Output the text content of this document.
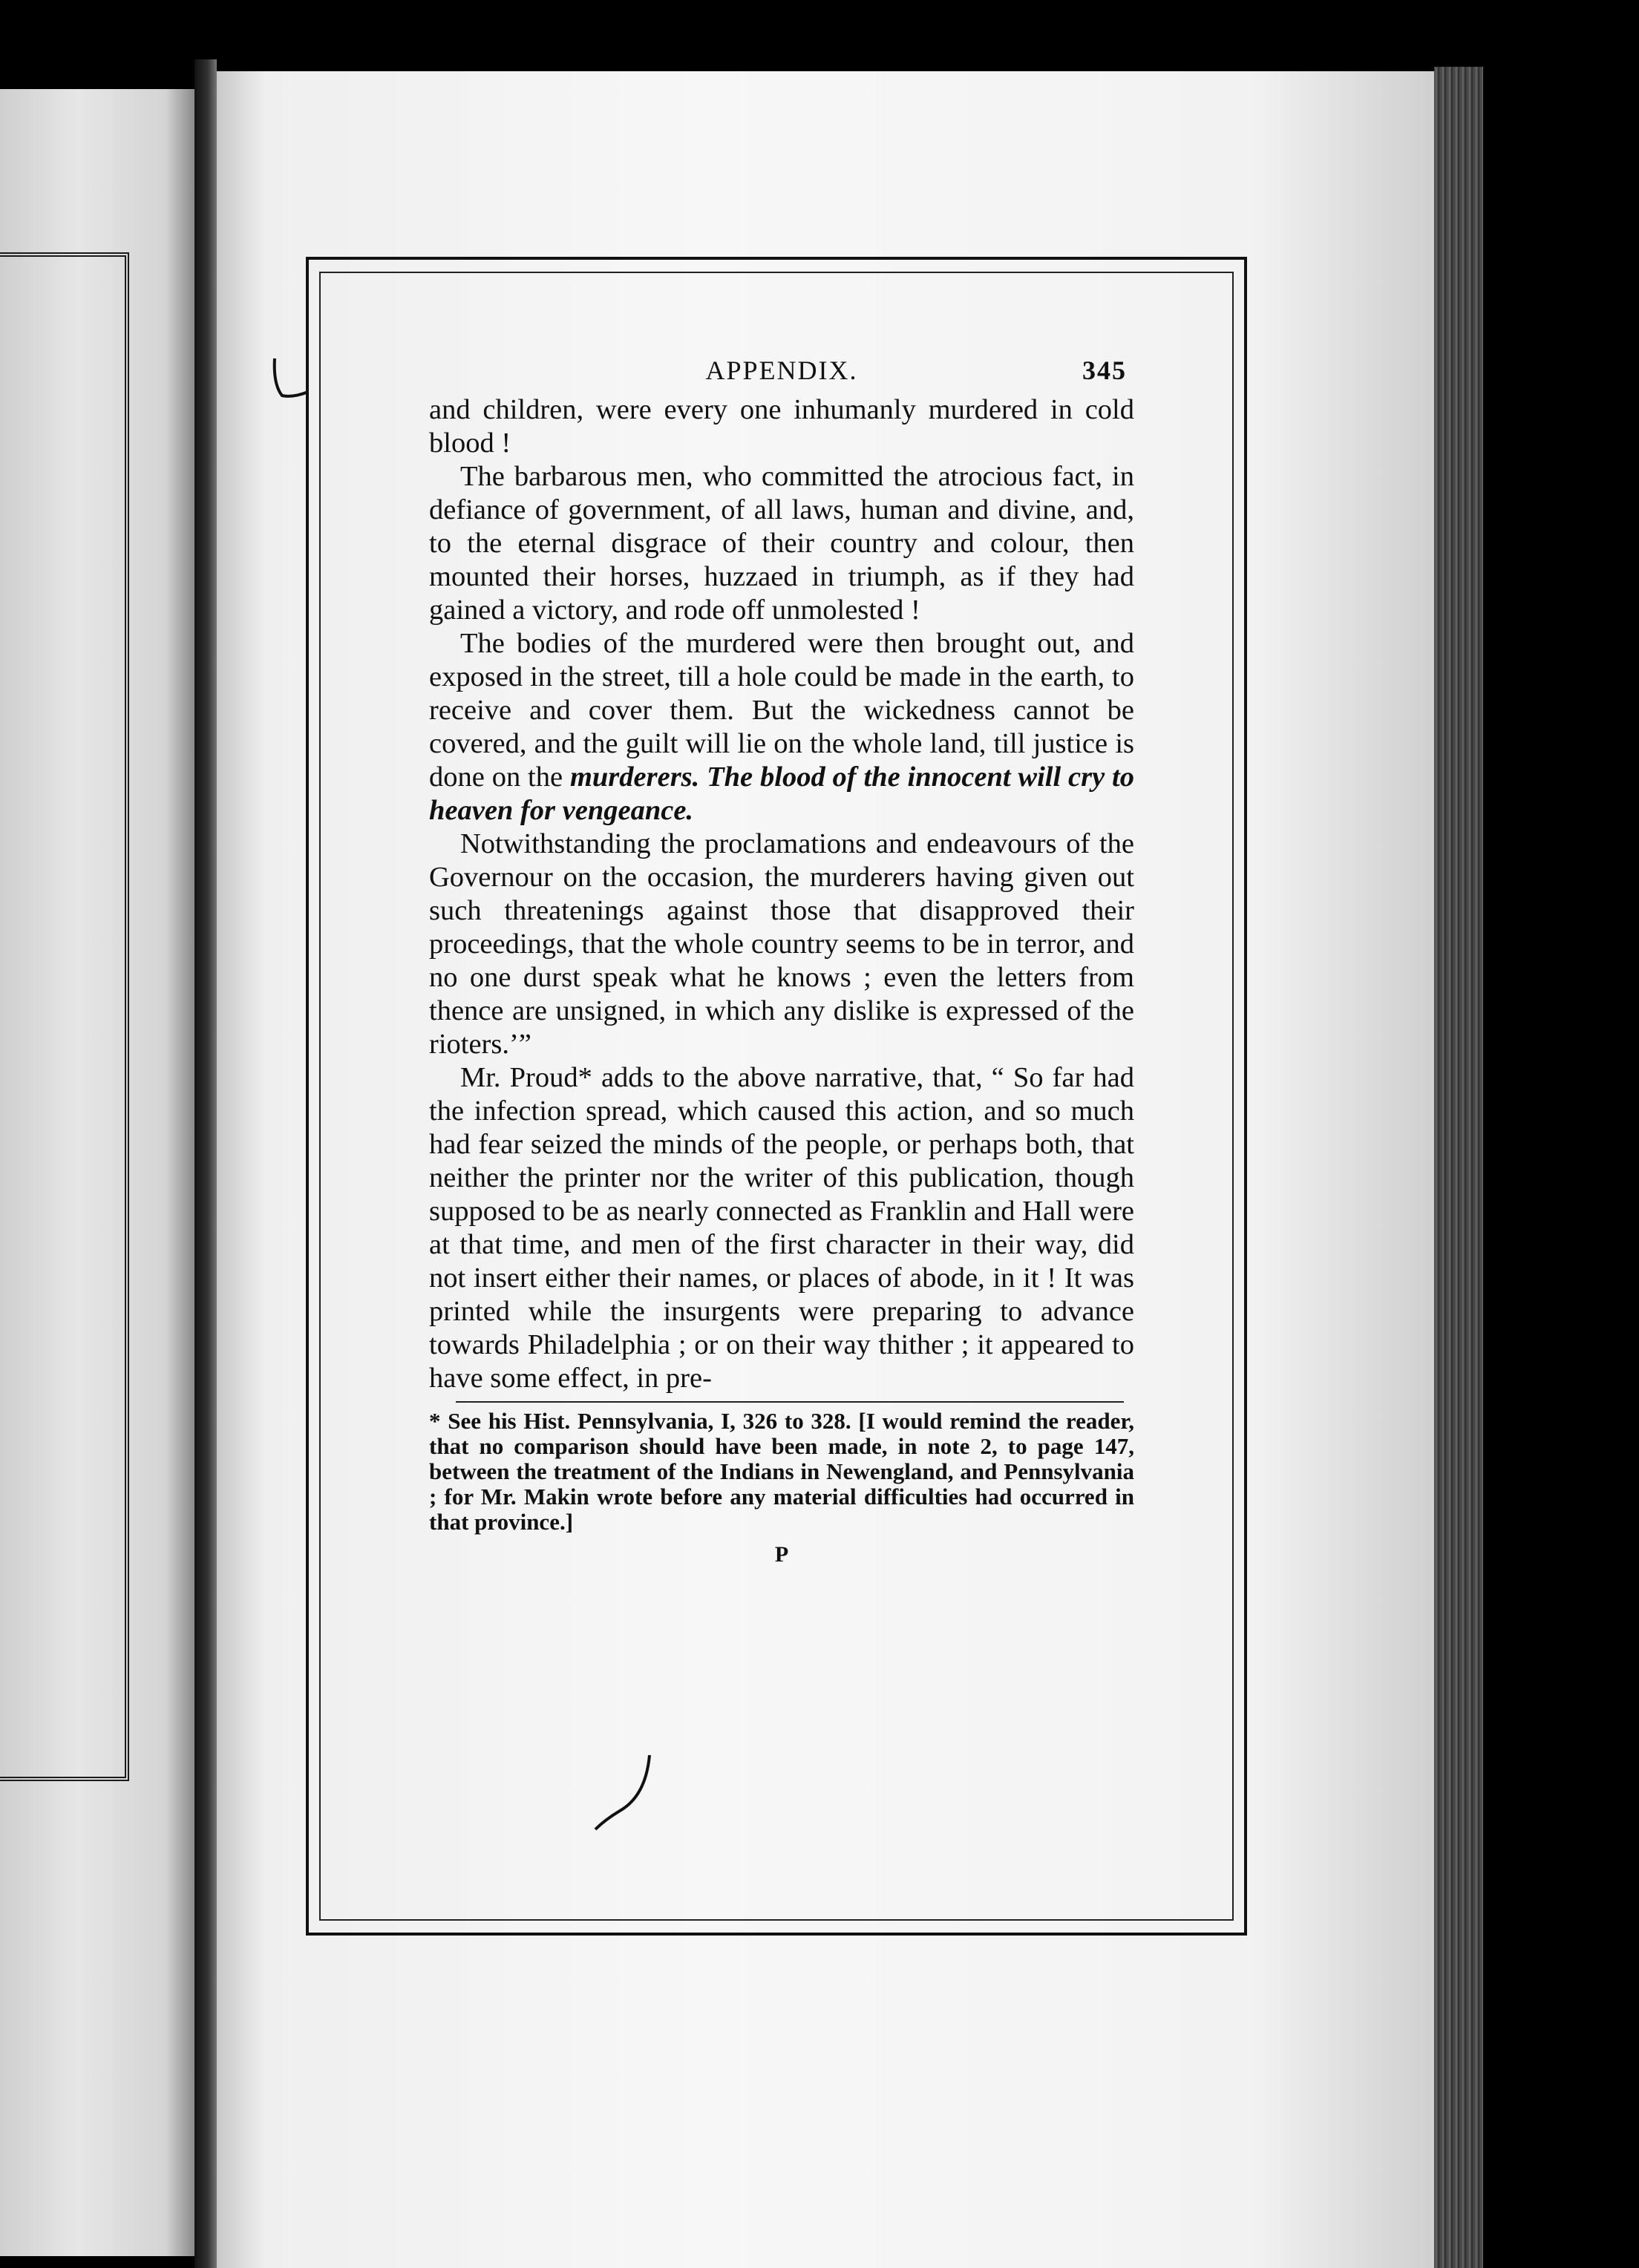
APPENDIX.	345

and children, were every one inhumanly murdered in cold blood !

The barbarous men, who committed the atrocious fact, in defiance of government, of all laws, human and divine, and, to the eternal disgrace of their country and colour, then mounted their horses, huzzaed in triumph, as if they had gained a victory, and rode off unmolested !

The bodies of the murdered were then brought out, and exposed in the street, till a hole could be made in the earth, to receive and cover them. But the wickedness cannot be covered, and the guilt will lie on the whole land, till justice is done on the murderers. The blood of the innocent will cry to heaven for vengeance.

Notwithstanding the proclamations and endeavours of the Governour on the occasion, the murderers having given out such threatenings against those that disapproved their proceedings, that the whole country seems to be in terror, and no one durst speak what he knows ; even the letters from thence are unsigned, in which any dislike is expressed of the rioters.’”

Mr. Proud* adds to the above narrative, that, “ So far had the infection spread, which caused this action, and so much had fear seized the minds of the people, or perhaps both, that neither the printer nor the writer of this publication, though supposed to be as nearly connected as Franklin and Hall were at that time, and men of the first character in their way, did not insert either their names, or places of abode, in it ! It was printed while the insurgents were preparing to advance towards Philadelphia ; or on their way thither ; it appeared to have some effect, in pre-

* See his Hist. Pennsylvania, I, 326 to 328. [I would remind the reader, that no comparison should have been made, in note 2, to page 147, between the treatment of the Indians in Newengland, and Pennsylvania ; for Mr. Makin wrote before any material difficulties had occurred in that province.]

P
